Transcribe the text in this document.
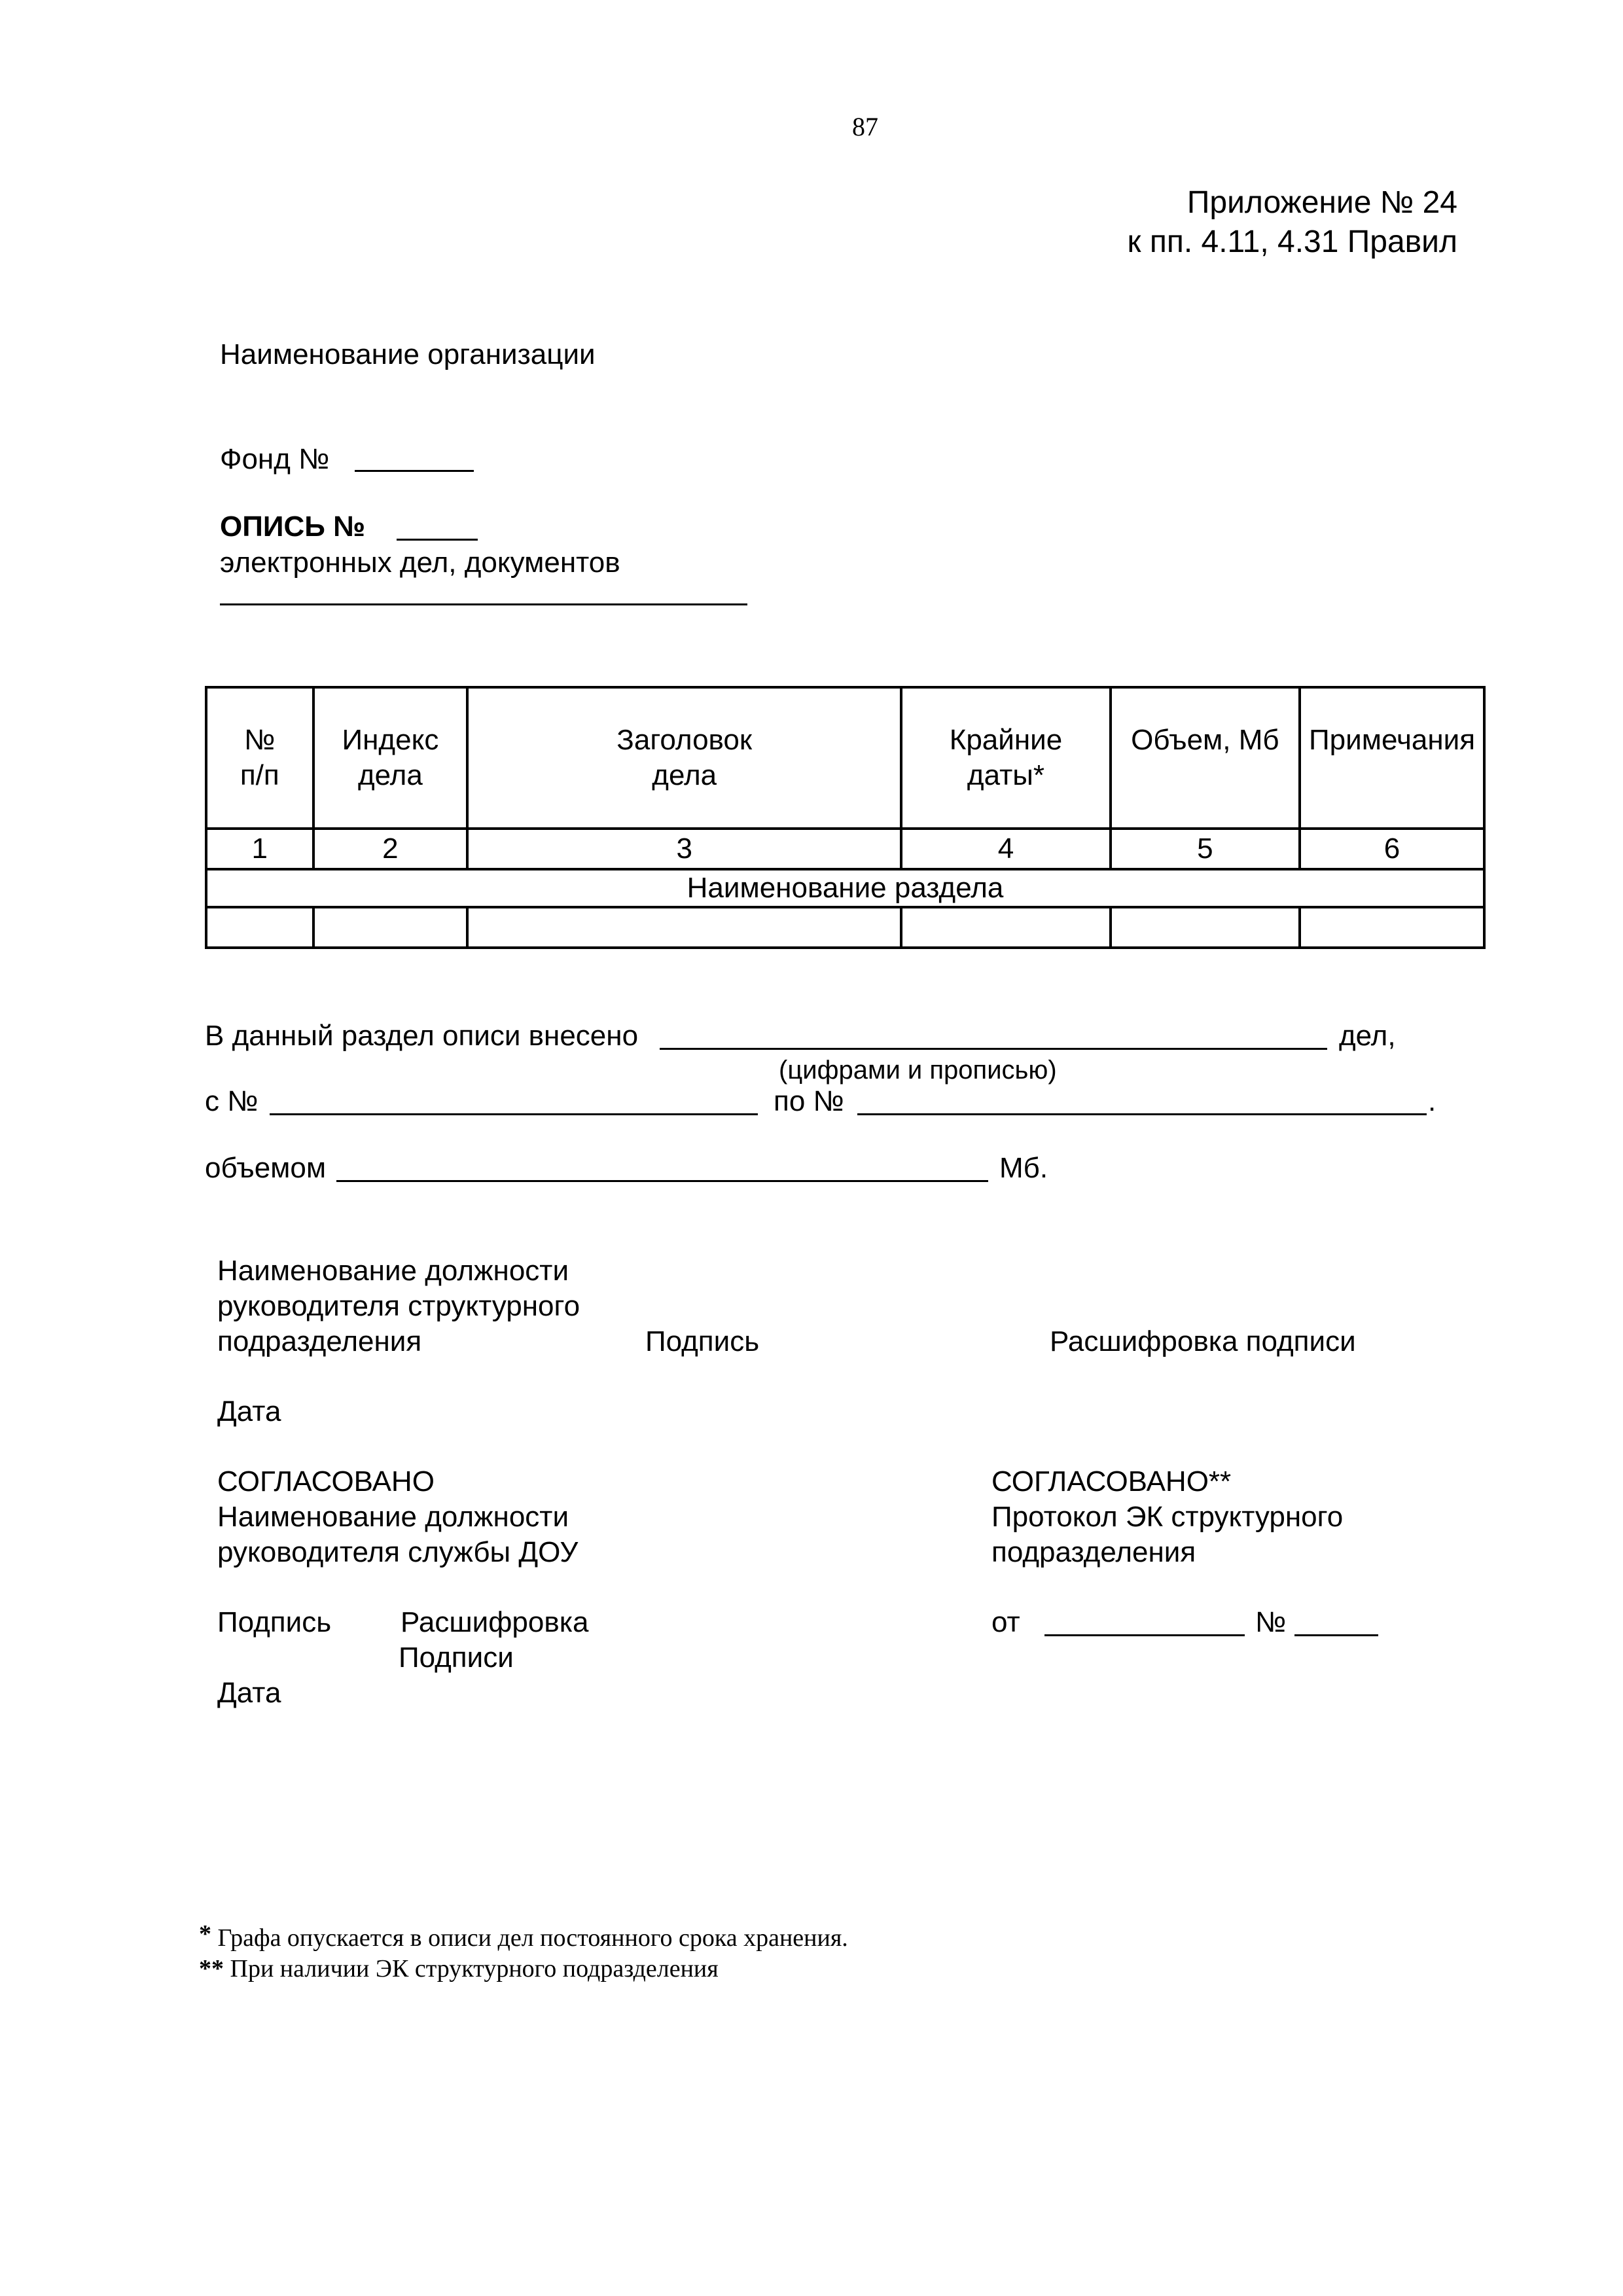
87
Приложение № 24
к пп. 4.11, 4.31 Правил
Наименование организации
Фонд №
ОПИСЬ №
электронных дел, документов
№ п/п	Индекс дела	Заголовок дела	Крайние даты*	Объем, Мб	Примечания

1	2	3	4	5	6
Наименование раздела					

В данный раздел описи внесено	дел,
(цифрами и прописью)
с №	по №	.
объемом	Мб.
Наименование должности
руководителя структурного
подразделения	Подпись	Расшифровка подписи
Дата
СОГЛАСОВАНО
Наименование должности
руководителя службы ДОУ
Подпись Расшифровка
Подписи
Дата
СОГЛАСОВАНО**
Протокол ЭК структурного
подразделения
от	№
* Графа опускается в описи дел постоянного срока хранения.
** При наличии ЭК структурного подразделения
